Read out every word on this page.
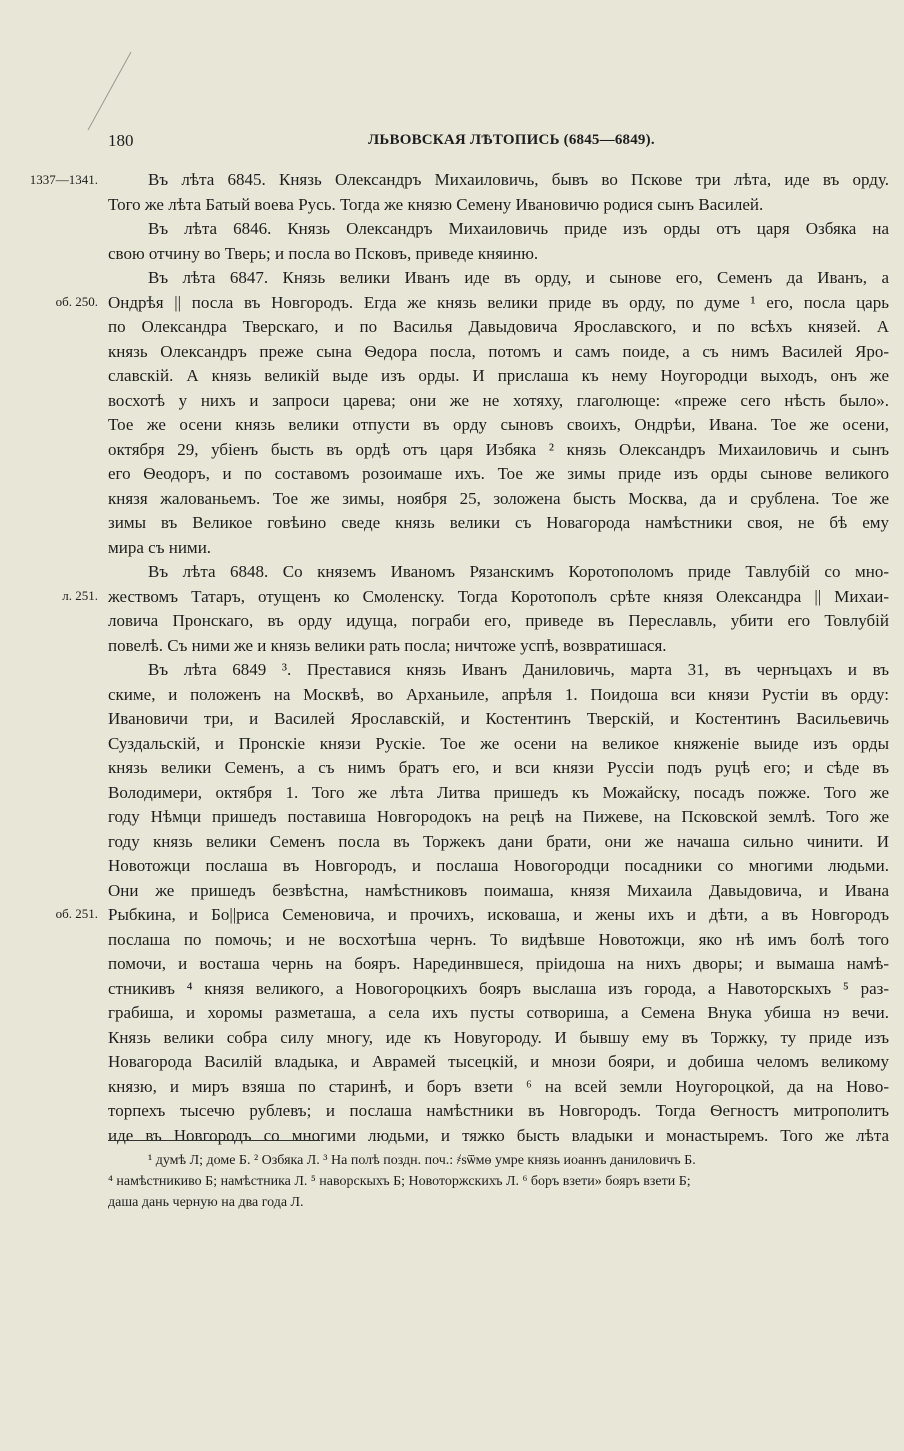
180	ЛЬВОВСКАЯ ЛѢТОПИСЬ (6845—6849).
1337—1341.
об. 250.
л. 251.
об. 251.
Въ лѣта 6845. Князь Олександръ Михаиловичь, бывъ во Пскове три лѣта, иде въ орду.
Того же лѣта Батый воева Русь. Тогда же князю Семену Ивановичю родися сынъ Василей.
Въ лѣта 6846. Князь Олександръ Михаиловичь приде изъ орды отъ царя Озбяка на
свою отчину во Тверь; и посла во Псковъ, приведе княиню.
Въ лѣта 6847. Князь велики Иванъ иде въ орду, и сынове его, Семенъ да Иванъ, а
Ондрѣя || посла въ Новгородъ. Егда же князь велики приде въ орду, по думе ¹ его, посла царь
по Олександра Тверскаго, и по Василья Давыдовича Ярославского, и по всѣхъ князей. А
князь Олександръ преже сына Ѳедора посла, потомъ и самъ поиде, а съ нимъ Василей Яро-
славскій. А князь великій выде изъ орды. И прислаша къ нему Ноугородци выходъ, онъ же
восхотѣ у нихъ и запроси царева; они же не хотяху, глаголюще: «преже сего нѣсть было».
Тое же осени князь велики отпусти въ орду сыновъ своихъ, Ондрѣи, Ивана. Тое же осени,
октября 29, убіенъ бысть въ ордѣ отъ царя Избяка ² князь Олександръ Михаиловичь и сынъ
его Ѳеодоръ, и по составомъ розоимаше ихъ. Тое же зимы приде изъ орды сынове великого
князя жалованьемъ. Тое же зимы, ноября 25, золожена бысть Москва, да и срублена. Тое же
зимы въ Великое говѣино сведе князь велики съ Новагорода намѣстники своя, не бѣ ему
мира съ ними.
Въ лѣта 6848. Со княземъ Иваномъ Рязанскимъ Коротополомъ приде Тавлубій со мно-
жествомъ Татаръ, отущенъ ко Смоленску. Тогда Коротополъ срѣте князя Олександра || Михаи-
ловича Пронскаго, въ орду идуща, пограби его, приведе въ Переславль, убити его Товлубій
повелѣ. Съ ними же и князь велики рать посла; ничтоже успѣ, возвратишася.
Въ лѣта 6849 ³. Преставися князь Иванъ Даниловичь, марта 31, въ чернъцахъ и въ
скиме, и положенъ на Москвѣ, во Арханьиле, апрѣля 1. Поидоша вси князи Рустіи въ орду:
Ивановичи три, и Василей Ярославскій, и Костентинъ Тверскій, и Костентинъ Васильевичь
Суздальскій, и Пронскіе князи Рускіе. Тое же осени на великое княженіе выиде изъ орды
князь велики Семенъ, а съ нимъ братъ его, и вси князи Руссіи подъ руцѣ его; и сѣде въ
Володимери, октября 1. Того же лѣта Литва пришедъ къ Можайску, посадъ пожже. Того же
году Нѣмци пришедъ поставиша Новгородокъ на рецѣ на Пижеве, на Псковской землѣ. Того же
году князь велики Семенъ посла въ Торжекъ дани брати, они же начаша сильно чинити. И
Новотожци послаша въ Новгородъ, и послаша Новогородци посадники со многими людьми.
Они же пришедъ безвѣстна, намѣстниковъ поимаша, князя Михаила Давыдовича, и Ивана
Рыбкина, и Бо||риса Семеновича, и прочихъ, исковаша, и жены ихъ и дѣти, а въ Новгородъ
послаша по помочь; и не восхотѣша чернъ. То видѣвше Новотожци, яко нѣ имъ болѣ того
помочи, и восташа чернь на бояръ. Нарединвшеся, пріидоша на нихъ дворы; и вымаша намѣ-
стникивъ ⁴ князя великого, а Новогороцкихъ бояръ выслаша изъ города, а Навоторскыхъ ⁵ раз-
грабиша, и хоромы разметаша, а села ихъ пусты сотвориша, а Семена Внука убиша нэ вечи.
Князь велики собра силу многу, иде къ Новугороду. И бывшу ему въ Торжку, ту приде изъ
Новагорода Василій владыка, и Аврамей тысецкій, и мнози бояри, и добиша челомъ великому
князю, и миръ взяша по старинѣ, и боръ взети ⁶ на всей земли Ноугороцкой, да на Ново-
торпехъ тысечю рублевъ; и послаша намѣстники въ Новгородъ. Тогда Ѳегностъ митрополитъ
иде въ Новгородъ со многими людьми, и тяжко бысть владыки и монастыремъ. Того же лѣта
¹ думѣ Л; доме Б. ² Озбяка Л. ³ На полѣ поздн. поч.: ҂ѕѿмѳ умре князь иоаннъ даниловичъ Б.
⁴ намѣстникиво Б; намѣстника Л. ⁵ наворскыхъ Б; Новоторжскихъ Л. ⁶ боръ взети» бояръ взети Б;
даша дань черную на два года Л.
